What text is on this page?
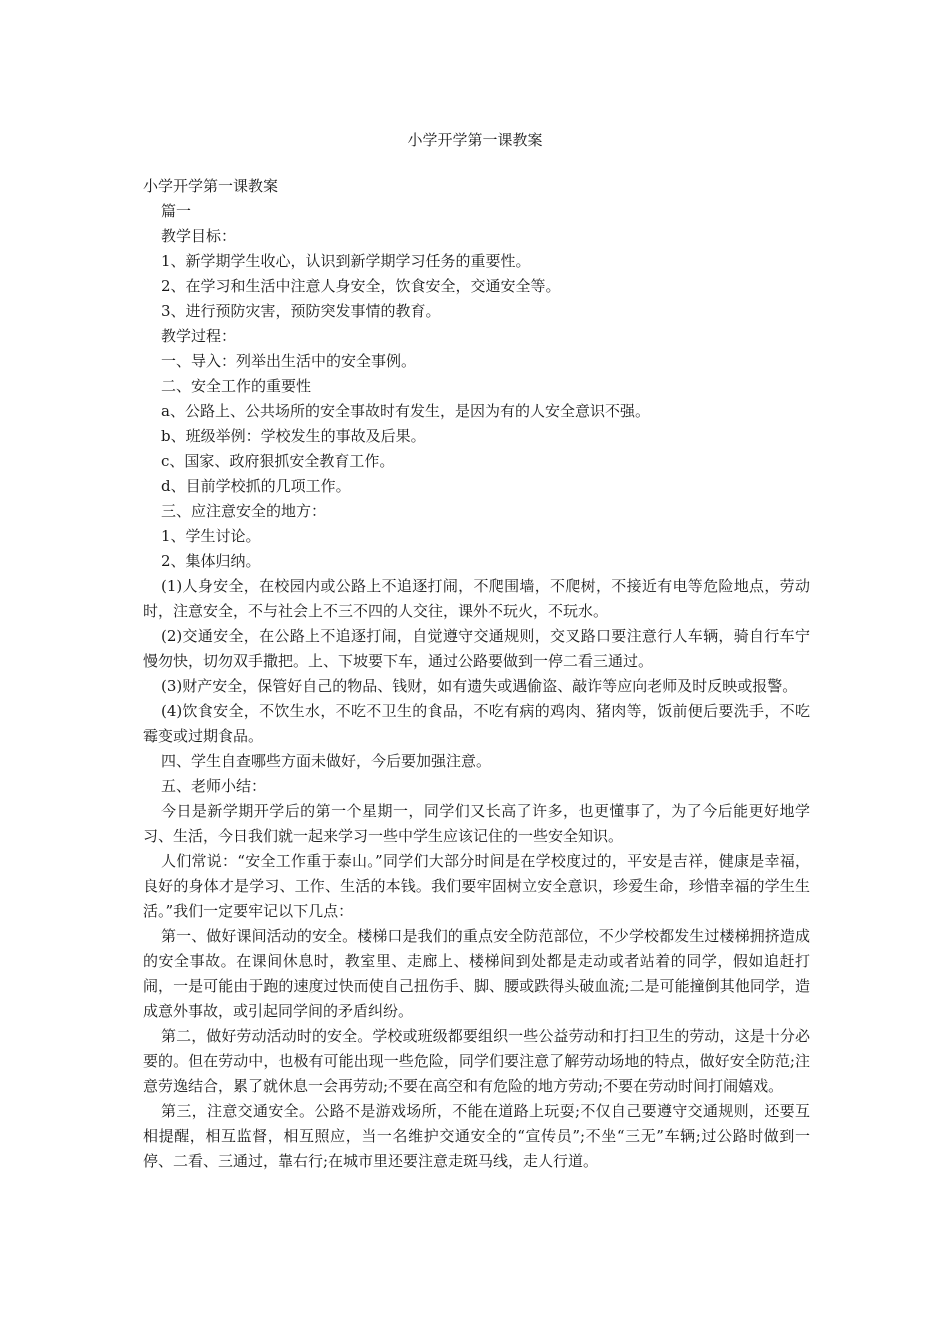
小学开学第一课教案

小学开学第一课教案

篇一

教学目标：

1、新学期学生收心，认识到新学期学习任务的重要性。

2、在学习和生活中注意人身安全，饮食安全，交通安全等。

3、进行预防灾害，预防突发事情的教育。

教学过程：

一、导入：列举出生活中的安全事例。

二、安全工作的重要性

a、公路上、公共场所的安全事故时有发生，是因为有的人安全意识不强。

b、班级举例：学校发生的事故及后果。

c、国家、政府狠抓安全教育工作。

d、目前学校抓的几项工作。

三、应注意安全的地方：

1、学生讨论。

2、集体归纳。

(1)人身安全，在校园内或公路上不追逐打闹，不爬围墙，不爬树，不接近有电等危险地点，劳动时，注意安全，不与社会上不三不四的人交往，课外不玩火，不玩水。

(2)交通安全，在公路上不追逐打闹，自觉遵守交通规则，交叉路口要注意行人车辆，骑自行车宁慢勿快，切勿双手撒把。上、下坡要下车，通过公路要做到一停二看三通过。

(3)财产安全，保管好自己的物品、钱财，如有遗失或遇偷盗、敲诈等应向老师及时反映或报警。

(4)饮食安全，不饮生水，不吃不卫生的食品，不吃有病的鸡肉、猪肉等，饭前便后要洗手，不吃霉变或过期食品。

四、学生自查哪些方面未做好，今后要加强注意。

五、老师小结：

今日是新学期开学后的第一个星期一，同学们又长高了许多，也更懂事了，为了今后能更好地学习、生活，今日我们就一起来学习一些中学生应该记住的一些安全知识。

人们常说：“安全工作重于泰山。”同学们大部分时间是在学校度过的，平安是吉祥，健康是幸福，良好的身体才是学习、工作、生活的本钱。我们要牢固树立安全意识，珍爱生命，珍惜幸福的学生生活。”我们一定要牢记以下几点：

第一、做好课间活动的安全。楼梯口是我们的重点安全防范部位，不少学校都发生过楼梯拥挤造成的安全事故。在课间休息时，教室里、走廊上、楼梯间到处都是走动或者站着的同学，假如追赶打闹，一是可能由于跑的速度过快而使自己扭伤手、脚、腰或跌得头破血流;二是可能撞倒其他同学，造成意外事故，或引起同学间的矛盾纠纷。

第二，做好劳动活动时的安全。学校或班级都要组织一些公益劳动和打扫卫生的劳动，这是十分必要的。但在劳动中，也极有可能出现一些危险，同学们要注意了解劳动场地的特点，做好安全防范;注意劳逸结合，累了就休息一会再劳动;不要在高空和有危险的地方劳动;不要在劳动时间打闹嬉戏。

第三，注意交通安全。公路不是游戏场所，不能在道路上玩耍;不仅自己要遵守交通规则，还要互相提醒，相互监督，相互照应，当一名维护交通安全的“宣传员”;不坐“三无”车辆;过公路时做到一停、二看、三通过，靠右行;在城市里还要注意走斑马线，走人行道。
